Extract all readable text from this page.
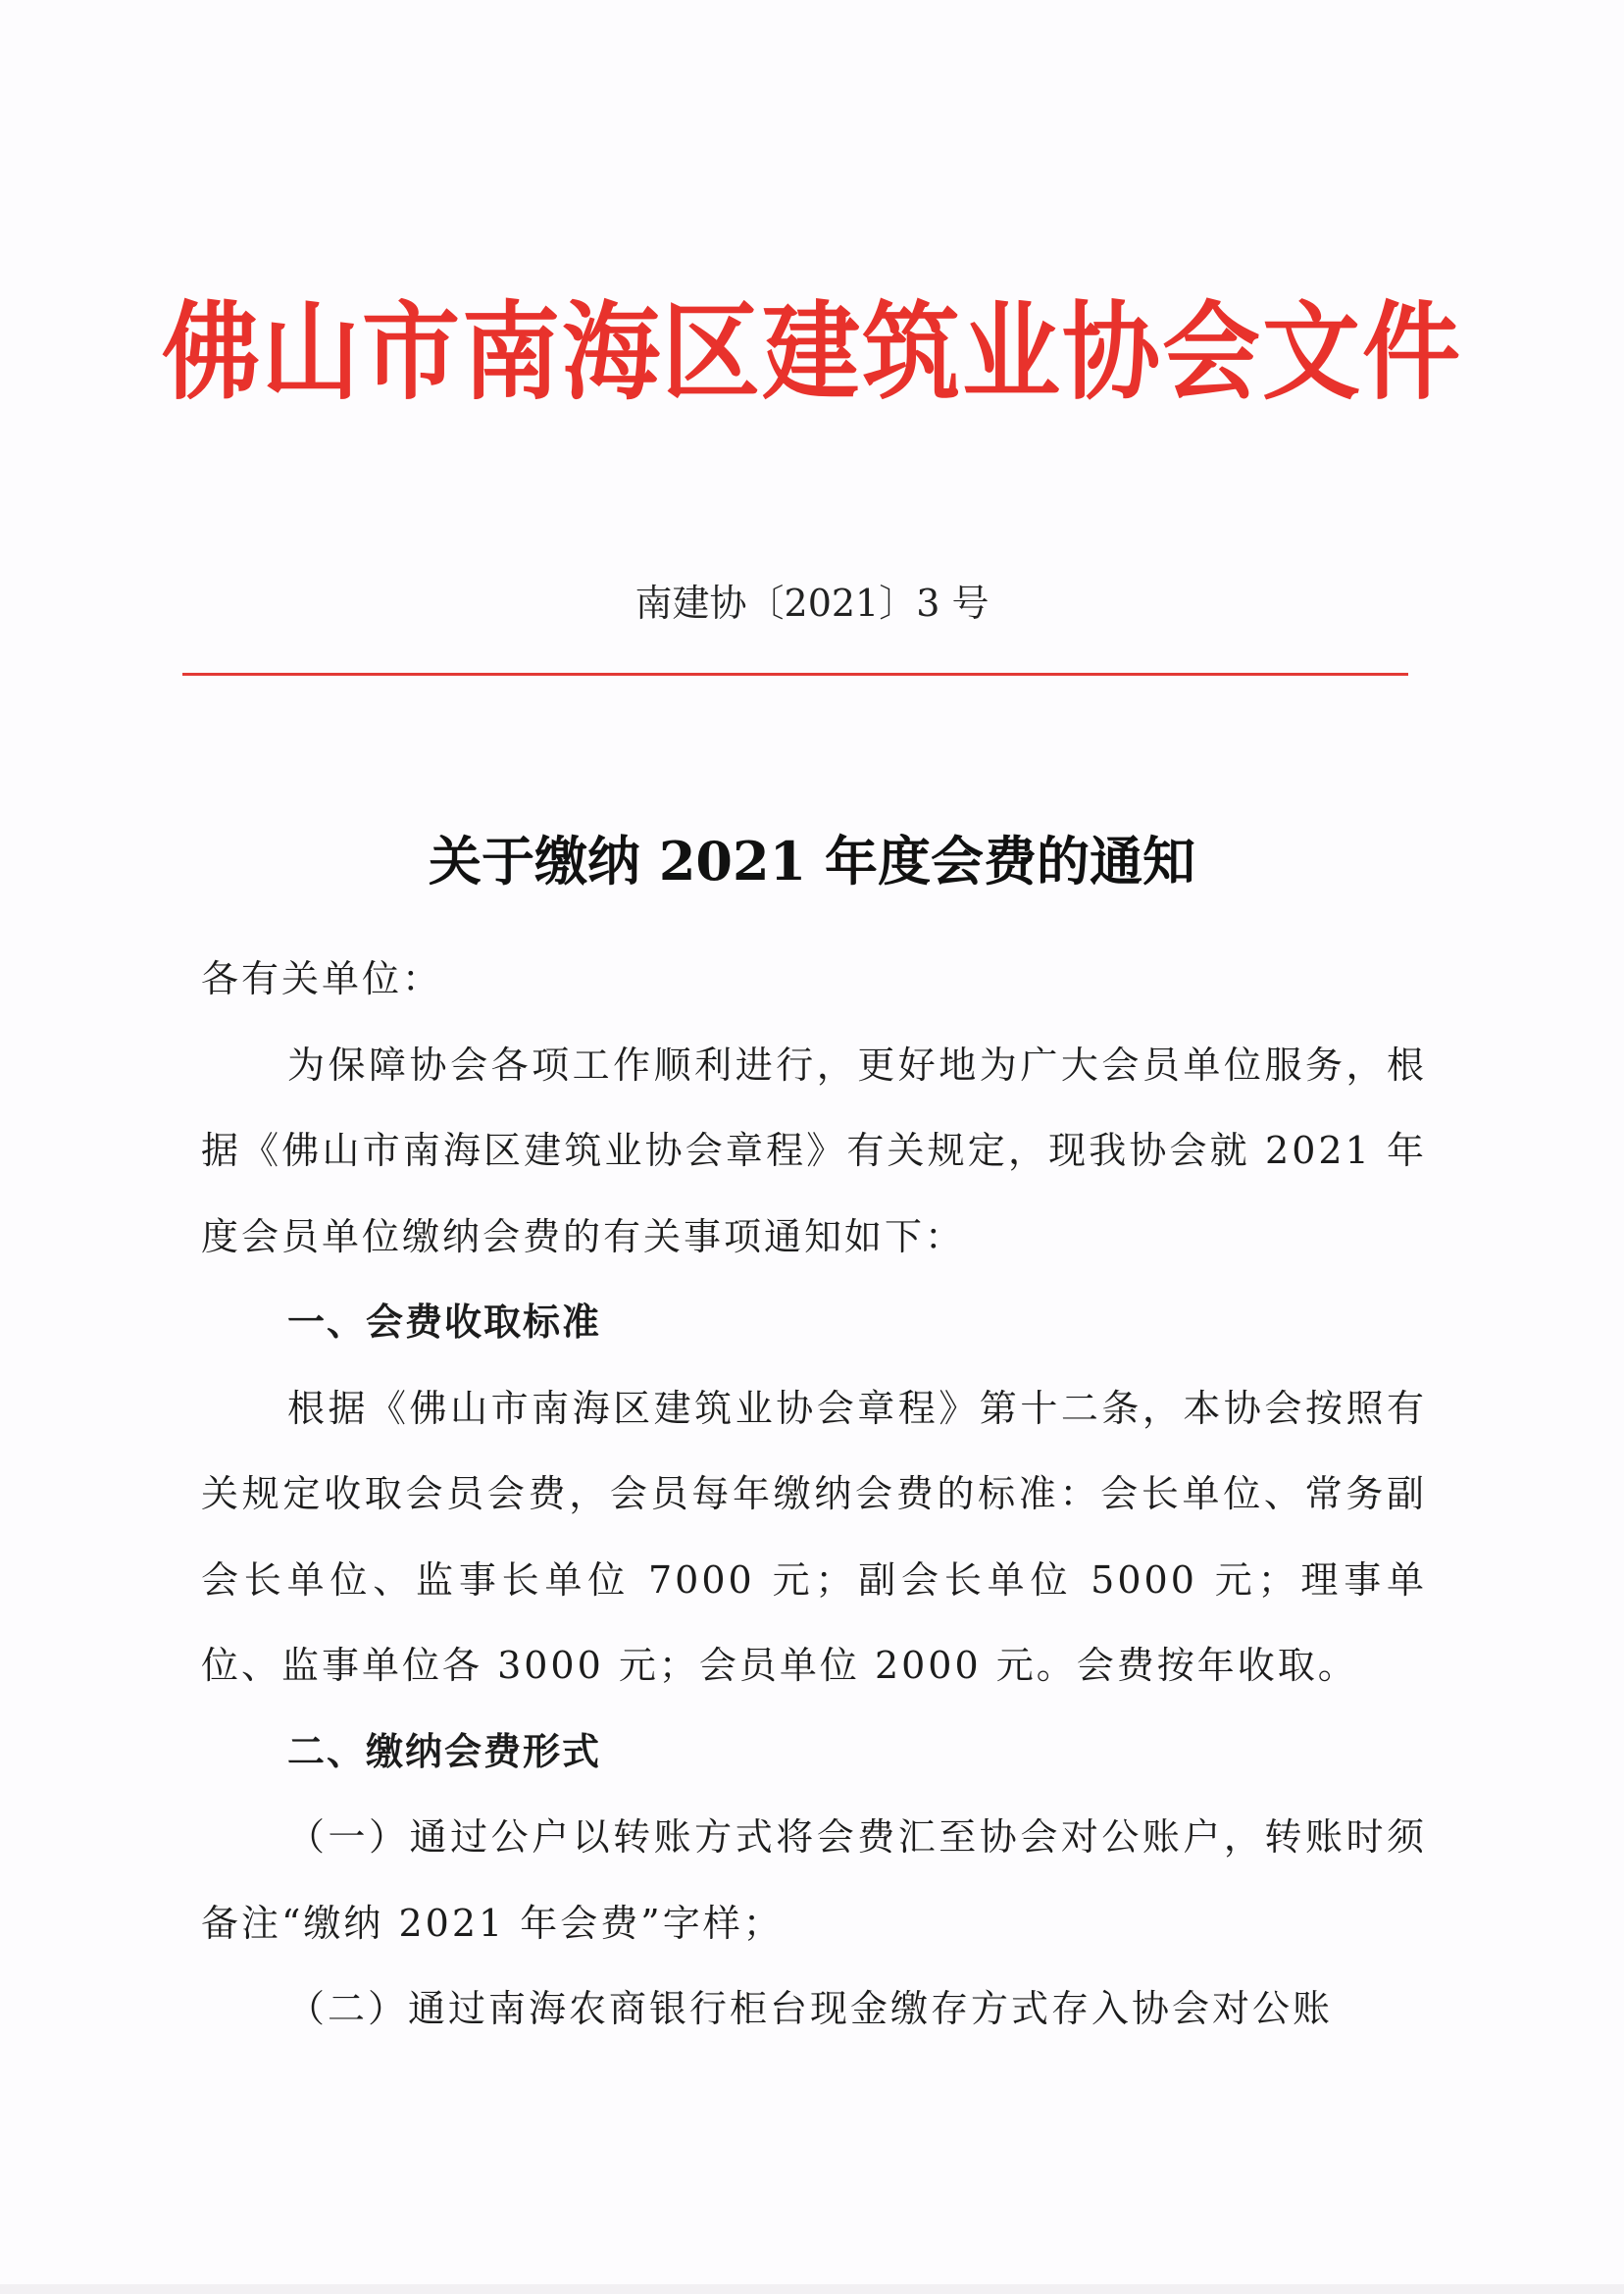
佛山市南海区建筑业协会文件
南建协〔2021〕3 号
关于缴纳 2021 年度会费的通知

各有关单位：

为保障协会各项工作顺利进行，更好地为广大会员单位服务，根据《佛山市南海区建筑业协会章程》有关规定，现我协会就 2021 年度会员单位缴纳会费的有关事项通知如下：

一、会费收取标准

根据《佛山市南海区建筑业协会章程》第十二条，本协会按照有关规定收取会员会费，会员每年缴纳会费的标准：会长单位、常务副会长单位、监事长单位 7000 元；副会长单位 5000 元；理事单位、监事单位各 3000 元；会员单位 2000 元。会费按年收取。

二、缴纳会费形式

（一）通过公户以转账方式将会费汇至协会对公账户，转账时须备注“缴纳 2021 年会费”字样；

（二）通过南海农商银行柜台现金缴存方式存入协会对公账
